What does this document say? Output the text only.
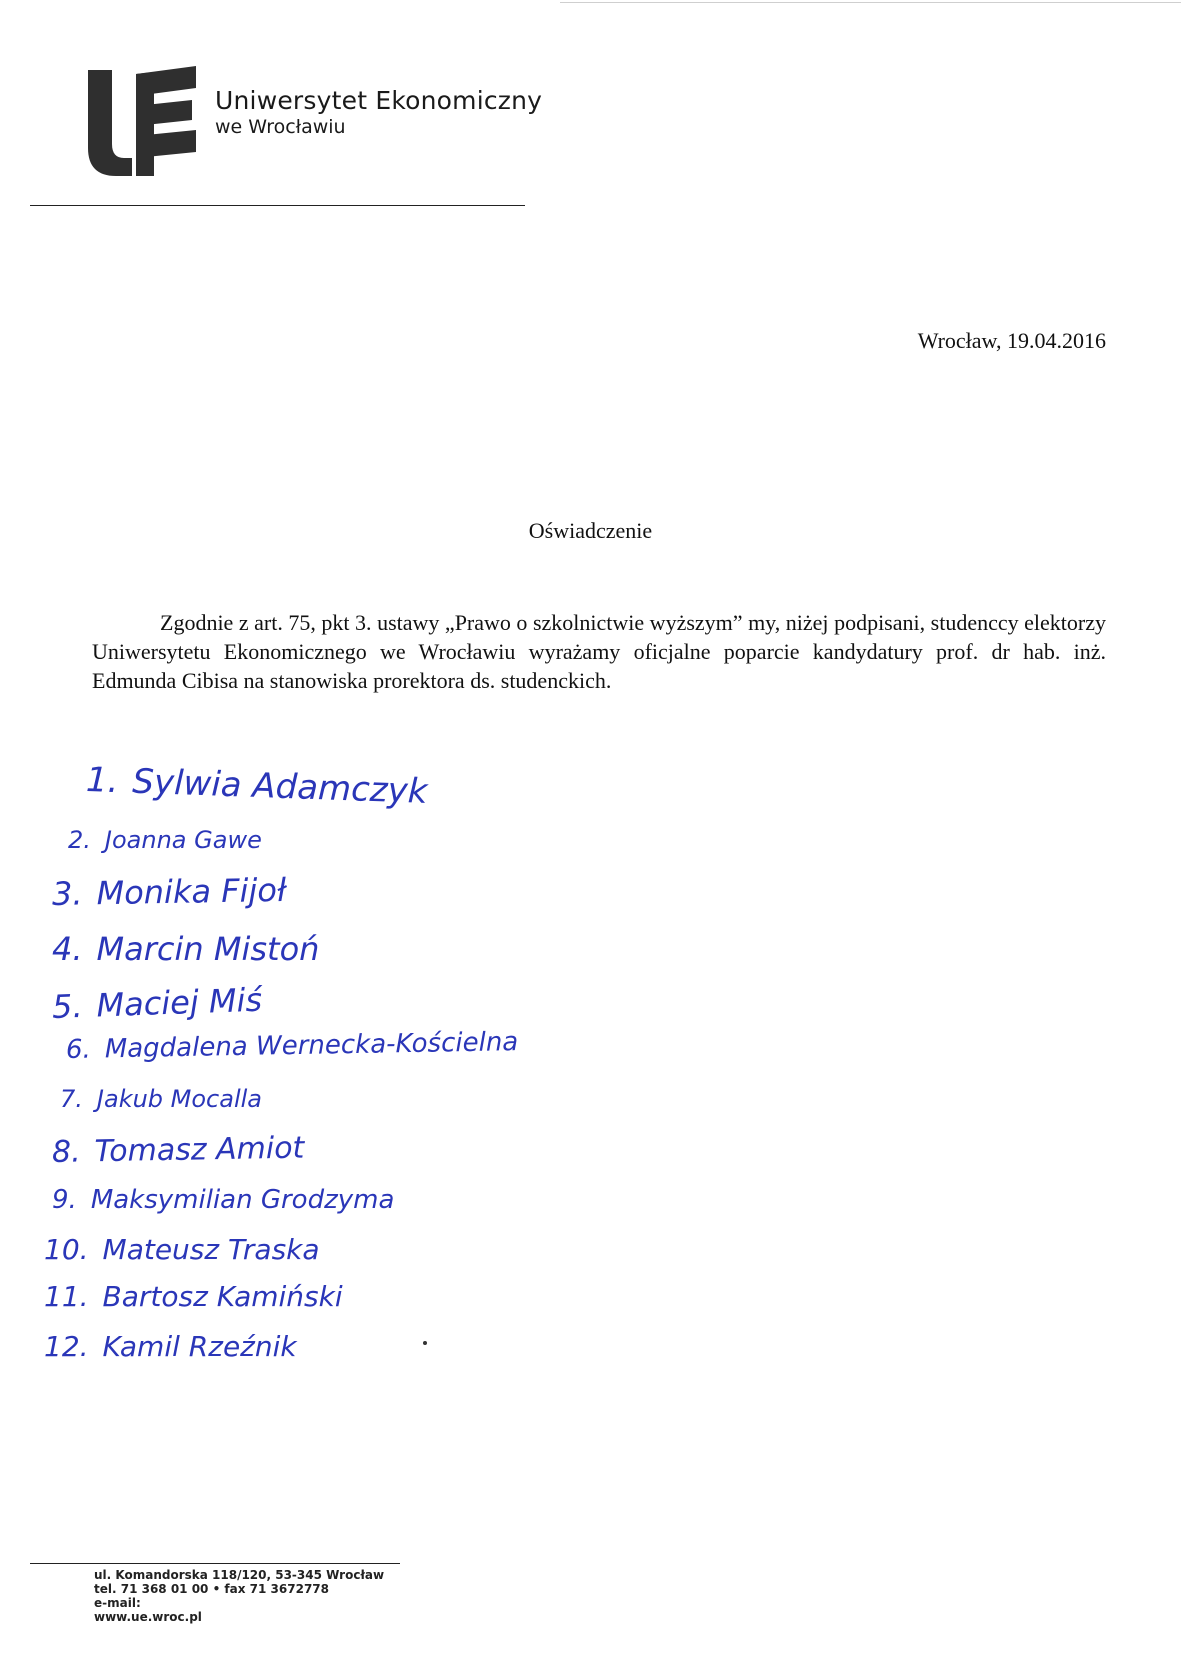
Uniwersytet Ekonomiczny
we Wrocławiu
Wrocław, 19.04.2016
Oświadczenie
Zgodnie z art. 75, pkt 3. ustawy „Prawo o szkolnictwie wyższym” my, niżej podpisani, studenccy elektorzy Uniwersytetu Ekonomicznego we Wrocławiu wyrażamy oficjalne poparcie kandydatury prof. dr hab. inż. Edmunda Cibisa na stanowiska prorektora ds. studenckich.
1. Sylwia Adamczyk
2. Joanna Gawe
3. Monika Fijoł
4. Marcin Mistoń
5. Maciej Miś
6. Magdalena Wernecka-Kościelna
7. Jakub Mocalla
8. Tomasz Amiot
9. Maksymilian Grodzyma
10. Mateusz Traska
11. Bartosz Kamiński
12. Kamil Rzeźnik
ul. Komandorska 118/120, 53-345 Wrocław
tel. 71 368 01 00 • fax 71 3672778
e-mail:
www.ue.wroc.pl
